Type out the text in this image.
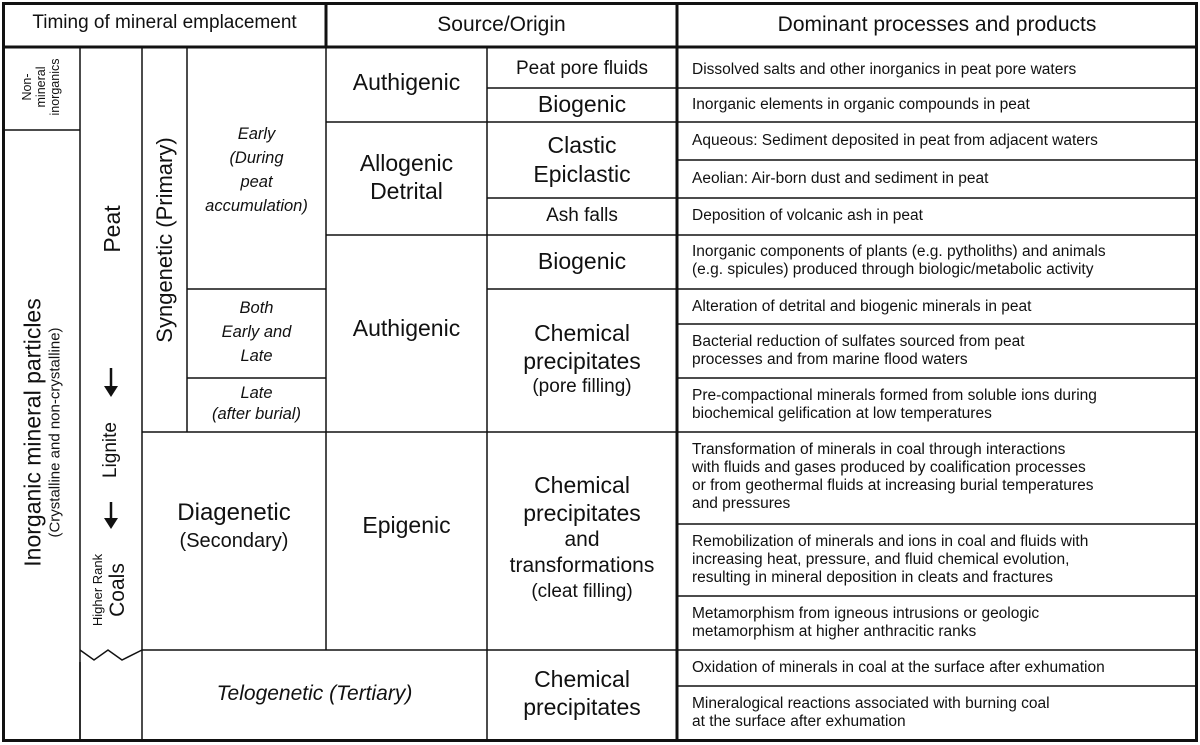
Timing of mineral emplacement	Source/Origin	Dominant processes and products
Non- mineral inorganics
Inorganic mineral particles (Crystalline and non-crystalline)
Peat
Lignite
Higher Rank Coals
Syngenetic (Primary)
Early
(During
peat
accumulation)
Both
Early and
Late
Late
(after burial)
Diagenetic
(Secondary)
Telogenetic (Tertiary)
Authigenic
Allogenic
Detrital
Authigenic
Epigenic
Peat pore fluids
Biogenic
Clastic
Epiclastic
Ash falls
Biogenic
Chemical
precipitates
(pore filling)
Chemical
precipitates
and
transformations
(cleat filling)
Chemical
precipitates
Dissolved salts and other inorganics in peat pore waters
Inorganic elements in organic compounds in peat
Aqueous: Sediment deposited in peat from adjacent waters
Aeolian: Air-born dust and sediment in peat
Deposition of volcanic ash in peat
Inorganic components of plants (e.g. pytholiths) and animals
(e.g. spicules) produced through biologic/metabolic activity
Alteration of detrital and biogenic minerals in peat
Bacterial reduction of sulfates sourced from peat
processes and from marine flood waters
Pre-compactional minerals formed from soluble ions during
biochemical gelification at low temperatures
Transformation of minerals in coal through interactions
with fluids and gases produced by coalification processes
or from geothermal fluids at increasing burial temperatures
and pressures
Remobilization of minerals and ions in coal and fluids with
increasing heat, pressure, and fluid chemical evolution,
resulting in mineral deposition in cleats and fractures
Metamorphism from igneous intrusions or geologic
metamorphism at higher anthracitic ranks
Oxidation of minerals in coal at the surface after exhumation
Mineralogical reactions associated with burning coal
at the surface after exhumation
